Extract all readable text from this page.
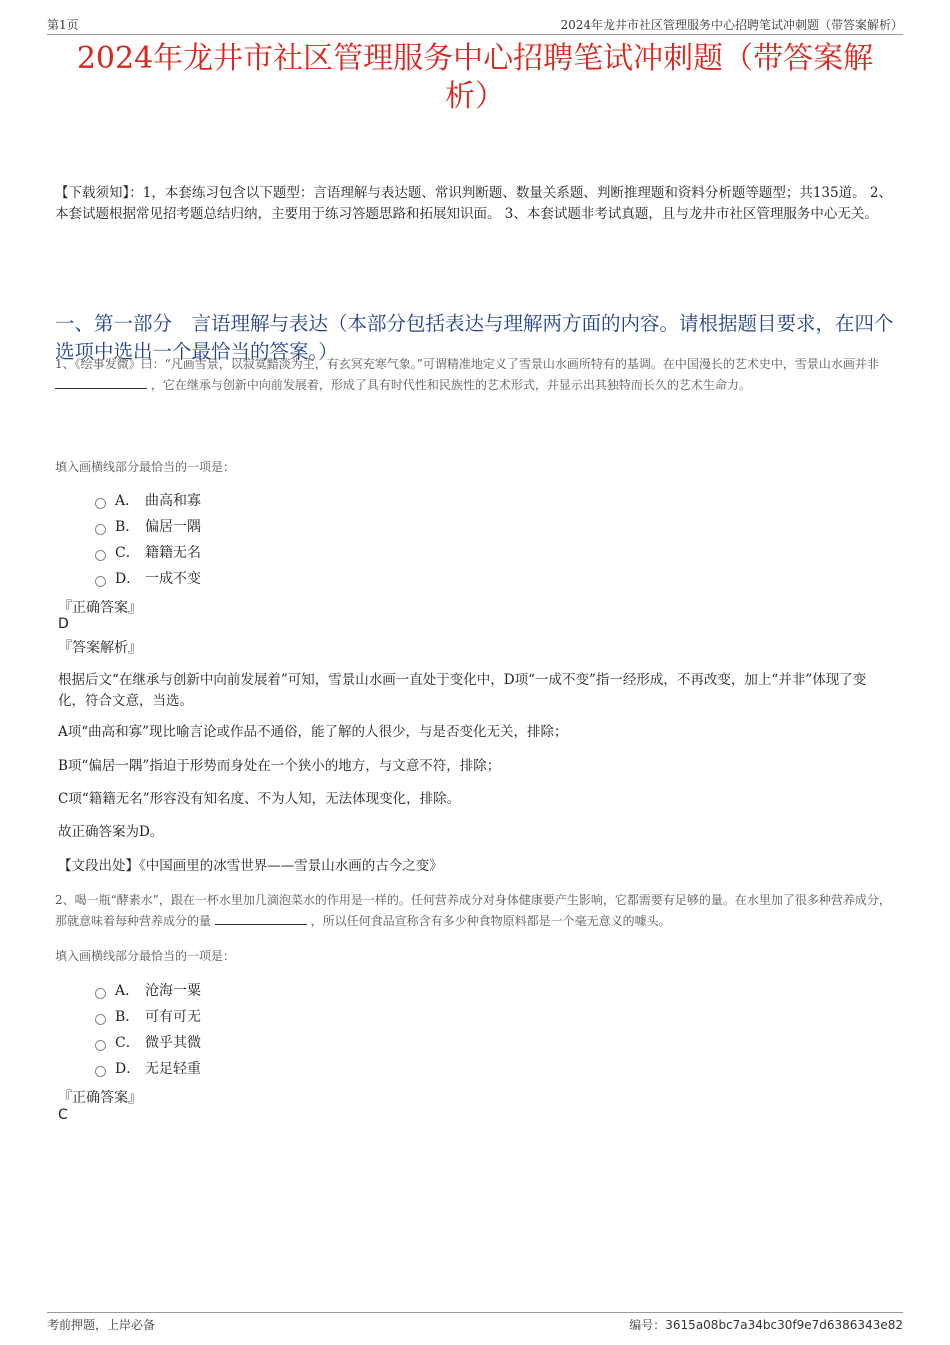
第1页	2024年龙井市社区管理服务中心招聘笔试冲刺题（带答案解析）
2024年龙井市社区管理服务中心招聘笔试冲刺题（带答案解析）
【下载须知】：1，本套练习包含以下题型：言语理解与表达题、常识判断题、数量关系题、判断推理题和资料分析题等题型；共135道。 2、本套试题根据常见招考题总结归纳，主要用于练习答题思路和拓展知识面。 3、本套试题非考试真题，且与龙井市社区管理服务中心无关。
一、第一部分　言语理解与表达（本部分包括表达与理解两方面的内容。请根据题目要求，在四个选项中选出一个最恰当的答案。）
1、《绘事发微》曰：“凡画雪景，以寂寞黯淡为主，有玄冥充寒气象。”可谓精准地定义了雪景山水画所特有的基调。在中国漫长的艺术史中，雪景山水画并非  ，它在继承与创新中向前发展着，形成了具有时代性和民族性的艺术形式，并显示出其独特而长久的艺术生命力。
填入画横线部分最恰当的一项是：
A． 曲高和寡
B． 偏居一隅
C． 籍籍无名
D． 一成不变
『正确答案』
D
『答案解析』
根据后文“在继承与创新中向前发展着”可知，雪景山水画一直处于变化中，D项“一成不变”指一经形成，不再改变，加上“并非”体现了变化，符合文意，当选。
A项“曲高和寡”现比喻言论或作品不通俗，能了解的人很少，与是否变化无关，排除；
B项“偏居一隅”指迫于形势而身处在一个狭小的地方，与文意不符，排除；
C项“籍籍无名”形容没有知名度、不为人知，无法体现变化，排除。
故正确答案为D。
【文段出处】《中国画里的冰雪世界——雪景山水画的古今之变》
2、喝一瓶“酵素水”，跟在一杯水里加几滴泡菜水的作用是一样的。任何营养成分对身体健康要产生影响，它都需要有足够的量。在水里加了很多种营养成分，那就意味着每种营养成分的量	，所以任何食品宣称含有多少种食物原料都是一个毫无意义的噱头。
填入画横线部分最恰当的一项是：
A． 沧海一粟
B． 可有可无
C． 微乎其微
D． 无足轻重
『正确答案』
C
考前押题，上岸必备	编号：3615a08bc7a34bc30f9e7d6386343e82
